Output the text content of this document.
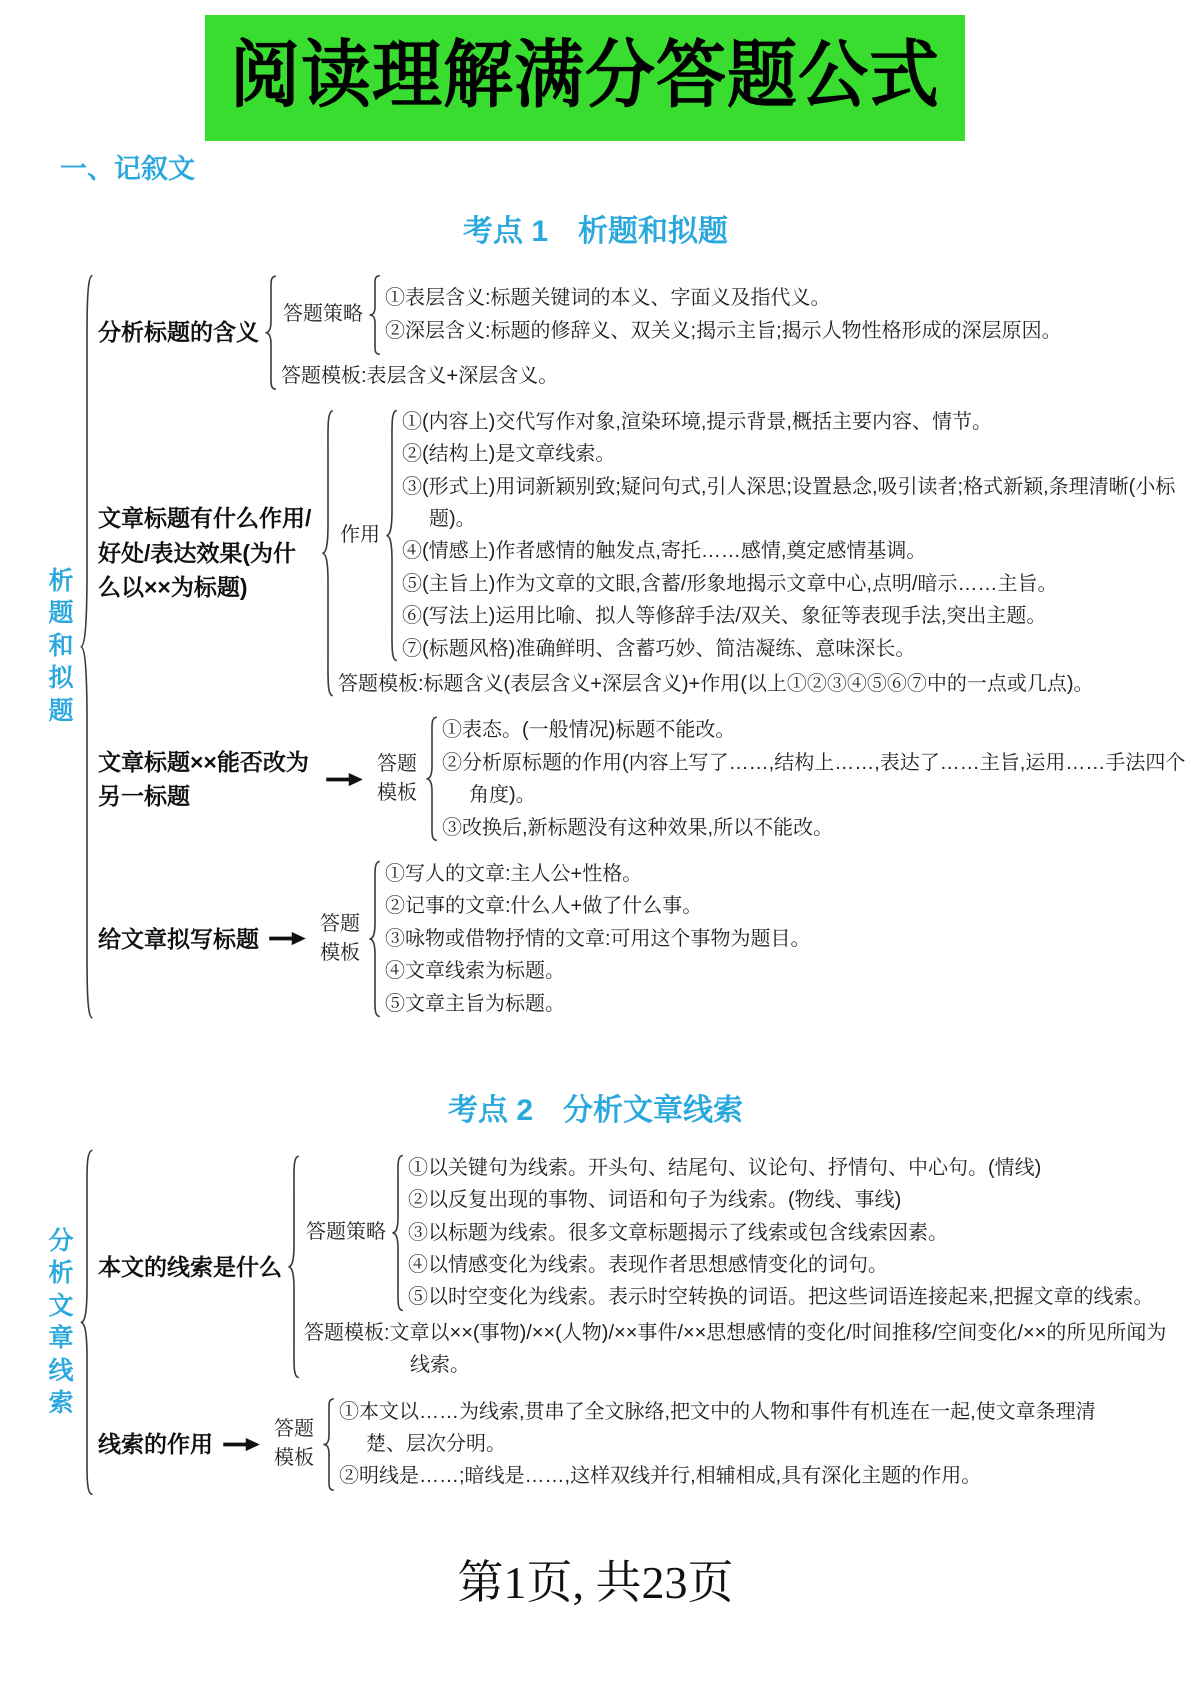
阅读理解满分答题公式
一、记叙文
考点 1　析题和拟题
析题和拟题
分析标题的含义
答题策略
①表层含义:标题关键词的本义、字面义及指代义。
②深层含义:标题的修辞义、双关义;揭示主旨;揭示人物性格形成的深层原因。
答题模板:表层含义+深层含义。
文章标题有什么作用/好处/表达效果(为什么以××为标题)
作用
①(内容上)交代写作对象,渲染环境,提示背景,概括主要内容、情节。
②(结构上)是文章线索。
③(形式上)用词新颖别致;疑问句式,引人深思;设置悬念,吸引读者;格式新颖,条理清晰(小标题)。
④(情感上)作者感情的触发点,寄托……感情,奠定感情基调。
⑤(主旨上)作为文章的文眼,含蓄/形象地揭示文章中心,点明/暗示……主旨。
⑥(写法上)运用比喻、拟人等修辞手法/双关、象征等表现手法,突出主题。
⑦(标题风格)准确鲜明、含蓄巧妙、简洁凝练、意味深长。
答题模板:标题含义(表层含义+深层含义)+作用(以上①②③④⑤⑥⑦中的一点或几点)。
文章标题××能否改为另一标题
答题模板
①表态。(一般情况)标题不能改。
②分析原标题的作用(内容上写了……,结构上……,表达了……主旨,运用……手法四个角度)。
③改换后,新标题没有这种效果,所以不能改。
给文章拟写标题
答题模板
①写人的文章:主人公+性格。
②记事的文章:什么人+做了什么事。
③咏物或借物抒情的文章:可用这个事物为题目。
④文章线索为标题。
⑤文章主旨为标题。
考点 2　分析文章线索
分析文章线索
本文的线索是什么
答题策略
①以关键句为线索。开头句、结尾句、议论句、抒情句、中心句。(情线)
②以反复出现的事物、词语和句子为线索。(物线、事线)
③以标题为线索。很多文章标题揭示了线索或包含线索因素。
④以情感变化为线索。表现作者思想感情变化的词句。
⑤以时空变化为线索。表示时空转换的词语。把这些词语连接起来,把握文章的线索。
答题模板:文章以××(事物)/××(人物)/××事件/××思想感情的变化/时间推移/空间变化/××的所见所闻为线索。
线索的作用
答题模板
①本文以……为线索,贯串了全文脉络,把文中的人物和事件有机连在一起,使文章条理清楚、层次分明。
②明线是……;暗线是……,这样双线并行,相辅相成,具有深化主题的作用。
第1页, 共23页
